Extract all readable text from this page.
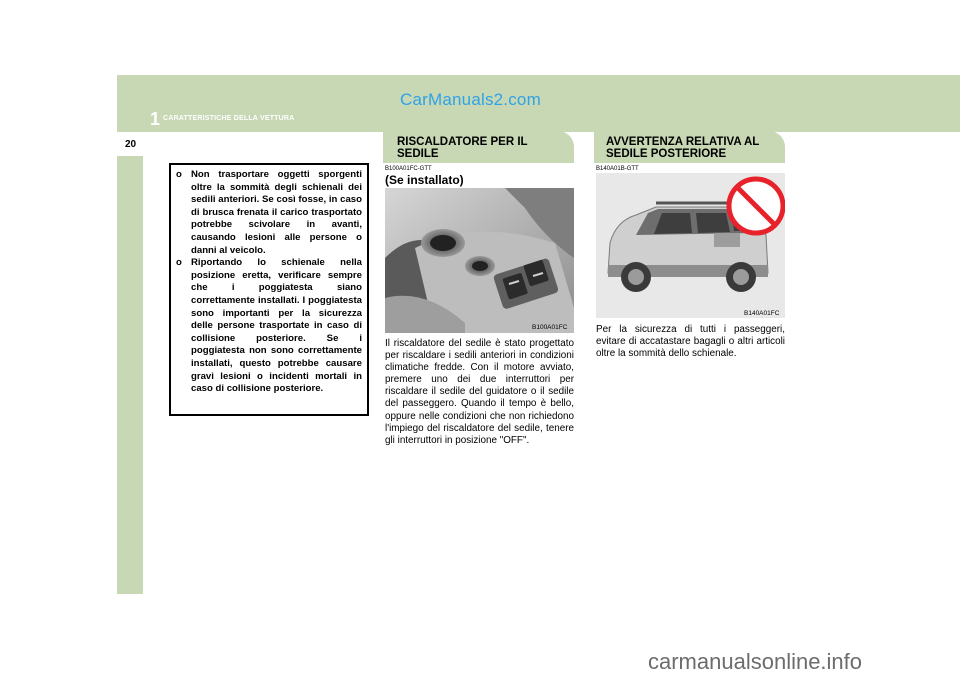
CarManuals2.com
1 CARATTERISTICHE DELLA VETTURA
20
o Non trasportare oggetti sporgenti oltre la sommità degli schienali dei sedili anteriori. Se così fosse, in caso di brusca frenata il carico trasportato potrebbe scivolare in avanti, causando lesioni alle persone o danni al veicolo.
o Riportando lo schienale nella posizione eretta, verificare sempre che i poggiatesta siano correttamente installati. I poggiatesta sono importanti per la sicurezza delle persone trasportate in caso di collisione posteriore. Se i poggiatesta non sono correttamente installati, questo potrebbe causare gravi lesioni o incidenti mortali in caso di collisione posteriore.
RISCALDATORE PER IL
SEDILE
B100A01FC-GTT
(Se installato)
B100A01FC
Il riscaldatore del sedile è stato progettato per riscaldare i sedili anteriori in condizioni climatiche fredde. Con il motore avviato, premere uno dei due interruttori per riscaldare il sedile del guidatore o il sedile del passeggero. Quando il tempo è bello, oppure nelle condizioni che non richiedono l'impiego del riscaldatore del sedile, tenere gli interruttori in posizione "OFF".
AVVERTENZA RELATIVA AL
SEDILE POSTERIORE
B140A01B-GTT
B140A01FC
Per la sicurezza di tutti i passeggeri, evitare di accatastare bagagli o altri articoli oltre la sommità dello schienale.
carmanualsonline.info
